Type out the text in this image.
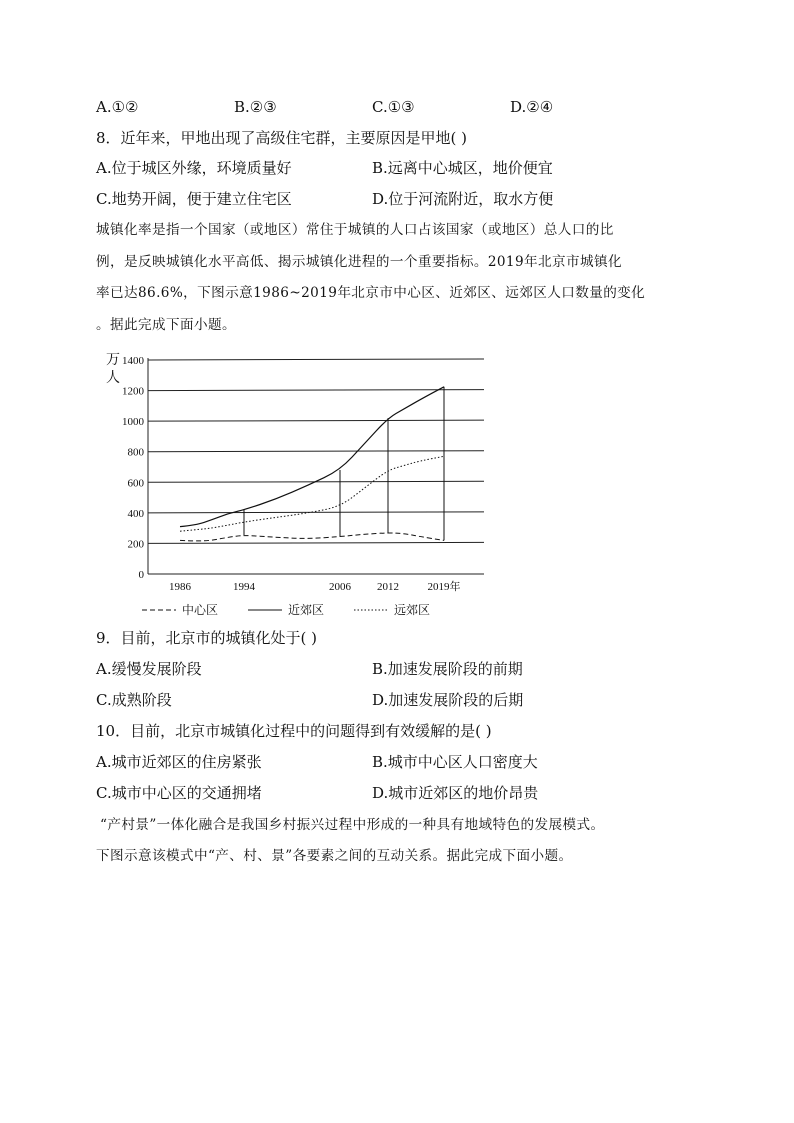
A.①②	B.②③	C.①③	D.②④
8．近年来，甲地出现了高级住宅群，主要原因是甲地( )
A.位于城区外缘，环境质量好	B.远离中心城区，地价便宜
C.地势开阔，便于建立住宅区	D.位于河流附近，取水方便
城镇化率是指一个国家（或地区）常住于城镇的人口占该国家（或地区）总人口的比
例，是反映城镇化水平高低、揭示城镇化进程的一个重要指标。2019年北京市城镇化
率已达86.6%，下图示意1986~2019年北京市中心区、近郊区、远郊区人口数量的变化
。据此完成下面小题。
0
200
400
600
800
1000
1200
1400
万
人
1986	1994	2006 2012	2019年
中心区	近郊区	远郊区
9．目前，北京市的城镇化处于( )
A.缓慢发展阶段	B.加速发展阶段的前期
C.成熟阶段	D.加速发展阶段的后期
10．目前，北京市城镇化过程中的问题得到有效缓解的是( )
A.城市近郊区的住房紧张	B.城市中心区人口密度大
C.城市中心区的交通拥堵	D.城市近郊区的地价昂贵
“产村景”一体化融合是我国乡村振兴过程中形成的一种具有地域特色的发展模式。
下图示意该模式中“产、村、景”各要素之间的互动关系。据此完成下面小题。
